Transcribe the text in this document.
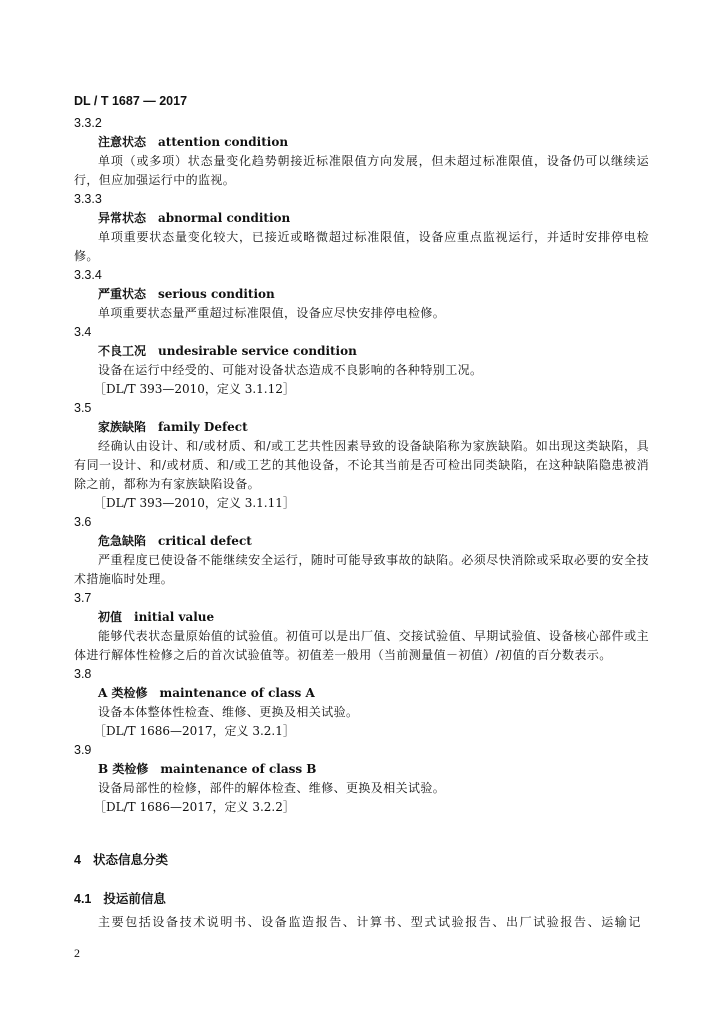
DL / T 1687 — 2017
3.3.2
注意状态 attention condition

单项（或多项）状态量变化趋势朝接近标准限值方向发展，但未超过标准限值，设备仍可以继续运行，但应加强运行中的监视。

3.3.3
异常状态 abnormal condition

单项重要状态量变化较大，已接近或略微超过标准限值，设备应重点监视运行，并适时安排停电检修。

3.3.4
严重状态 serious condition

单项重要状态量严重超过标准限值，设备应尽快安排停电检修。

3.4
不良工况 undesirable service condition

设备在运行中经受的、可能对设备状态造成不良影响的各种特别工况。

［DL/T 393—2010，定义 3.1.12］

3.5
家族缺陷 family Defect

经确认由设计、和/或材质、和/或工艺共性因素导致的设备缺陷称为家族缺陷。如出现这类缺陷，具有同一设计、和/或材质、和/或工艺的其他设备，不论其当前是否可检出同类缺陷，在这种缺陷隐患被消除之前，都称为有家族缺陷设备。

［DL/T 393—2010，定义 3.1.11］

3.6
危急缺陷 critical defect

严重程度已使设备不能继续安全运行，随时可能导致事故的缺陷。必须尽快消除或采取必要的安全技术措施临时处理。

3.7
初值 initial value

能够代表状态量原始值的试验值。初值可以是出厂值、交接试验值、早期试验值、设备核心部件或主体进行解体性检修之后的首次试验值等。初值差一般用（当前测量值－初值）/初值的百分数表示。

3.8
A 类检修 maintenance of class A

设备本体整体性检查、维修、更换及相关试验。

［DL/T 1686—2017，定义 3.2.1］

3.9
B 类检修 maintenance of class B

设备局部性的检修，部件的解体检查、维修、更换及相关试验。

［DL/T 1686—2017，定义 3.2.2］

4 状态信息分类
4.1 投运前信息
主要包括设备技术说明书、设备监造报告、计算书、型式试验报告、出厂试验报告、运输记
2
